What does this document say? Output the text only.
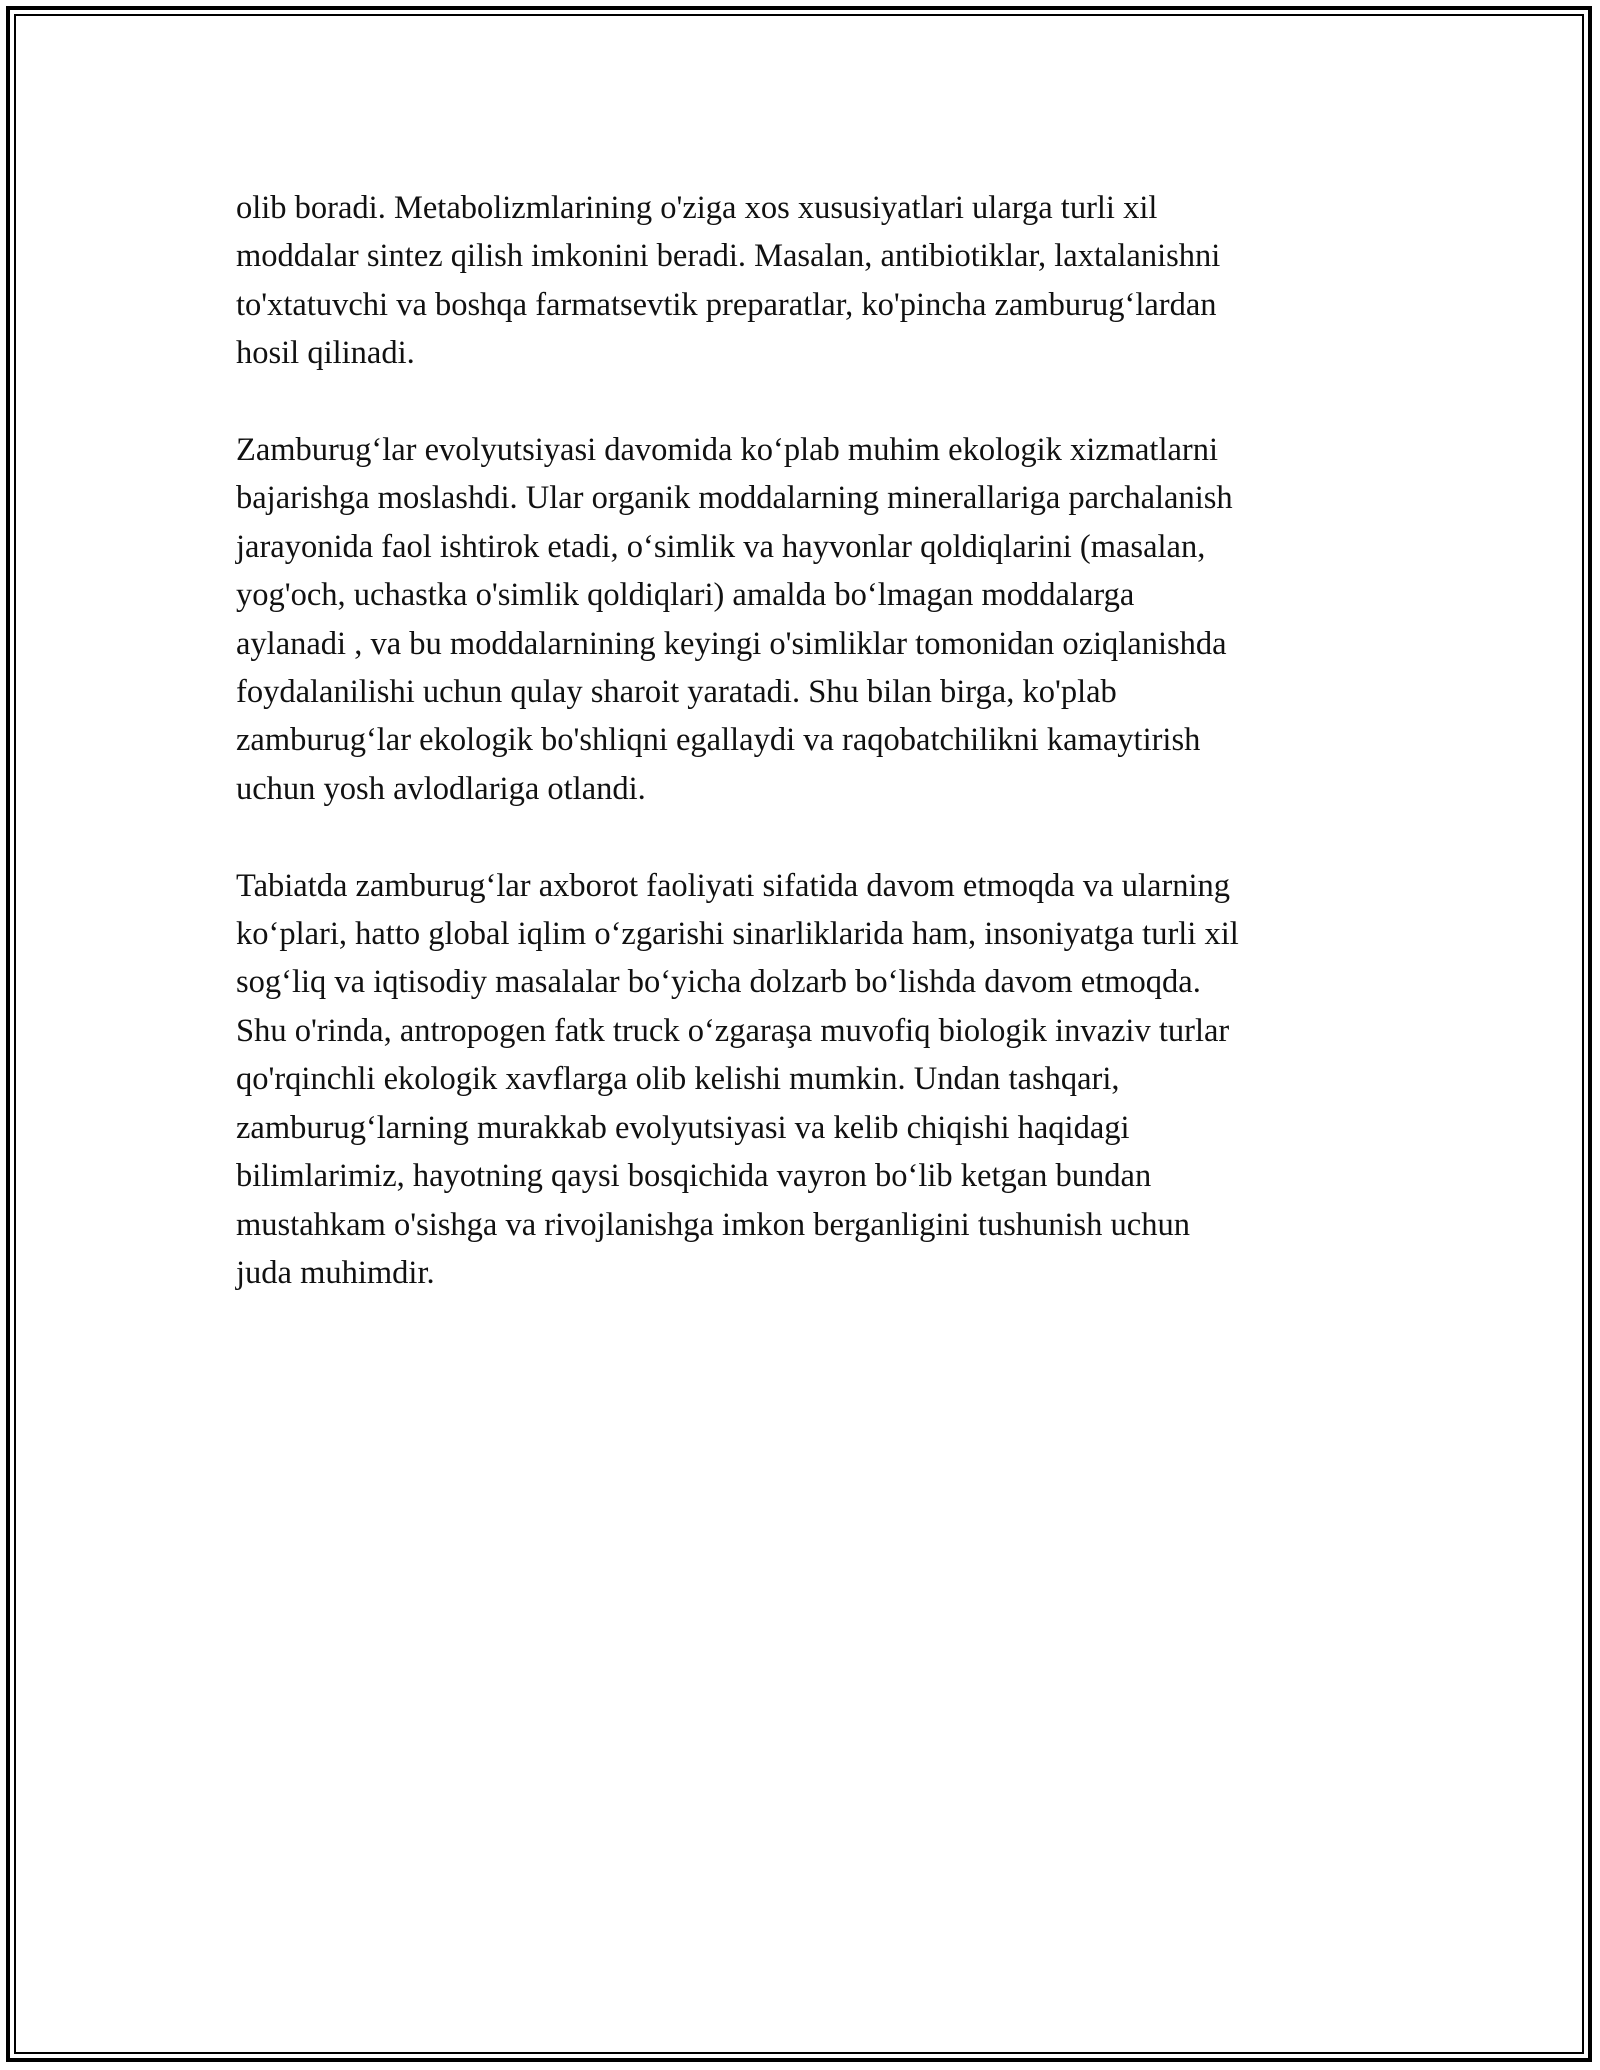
olib boradi. Metabolizmlarining o'ziga xos xususiyatlari ularga turli xil
moddalar sintez qilish imkonini beradi. Masalan, antibiotiklar, laxtalanishni
to'xtatuvchi va boshqa farmatsevtik preparatlar, ko'pincha zamburug‘lardan
hosil qilinadi.

Zamburug‘lar evolyutsiyasi davomida ko‘plab muhim ekologik xizmatlarni
bajarishga moslashdi. Ular organik moddalarning minerallariga parchalanish
jarayonida faol ishtirok etadi, o‘simlik va hayvonlar qoldiqlarini (masalan,
yog'och, uchastka o'simlik qoldiqlari) amalda bo‘lmagan moddalarga
aylanadi , va bu moddalarnining keyingi o'simliklar tomonidan oziqlanishda
foydalanilishi uchun qulay sharoit yaratadi. Shu bilan birga, ko'plab
zamburug‘lar ekologik bo'shliqni egallaydi va raqobatchilikni kamaytirish
uchun yosh avlodlariga otlandi.

Tabiatda zamburug‘lar axborot faoliyati sifatida davom etmoqda va ularning
ko‘plari, hatto global iqlim o‘zgarishi sinarliklarida ham, insoniyatga turli xil
sog‘liq va iqtisodiy masalalar bo‘yicha dolzarb bo‘lishda davom etmoqda.
Shu o'rinda, antropogen fatk truck o‘zgaraşa muvofiq biologik invaziv turlar
qo'rqinchli ekologik xavflarga olib kelishi mumkin. Undan tashqari,
zamburug‘larning murakkab evolyutsiyasi va kelib chiqishi haqidagi
bilimlarimiz, hayotning qaysi bosqichida vayron bo‘lib ketgan bundan
mustahkam o'sishga va rivojlanishga imkon berganligini tushunish uchun
juda muhimdir.
